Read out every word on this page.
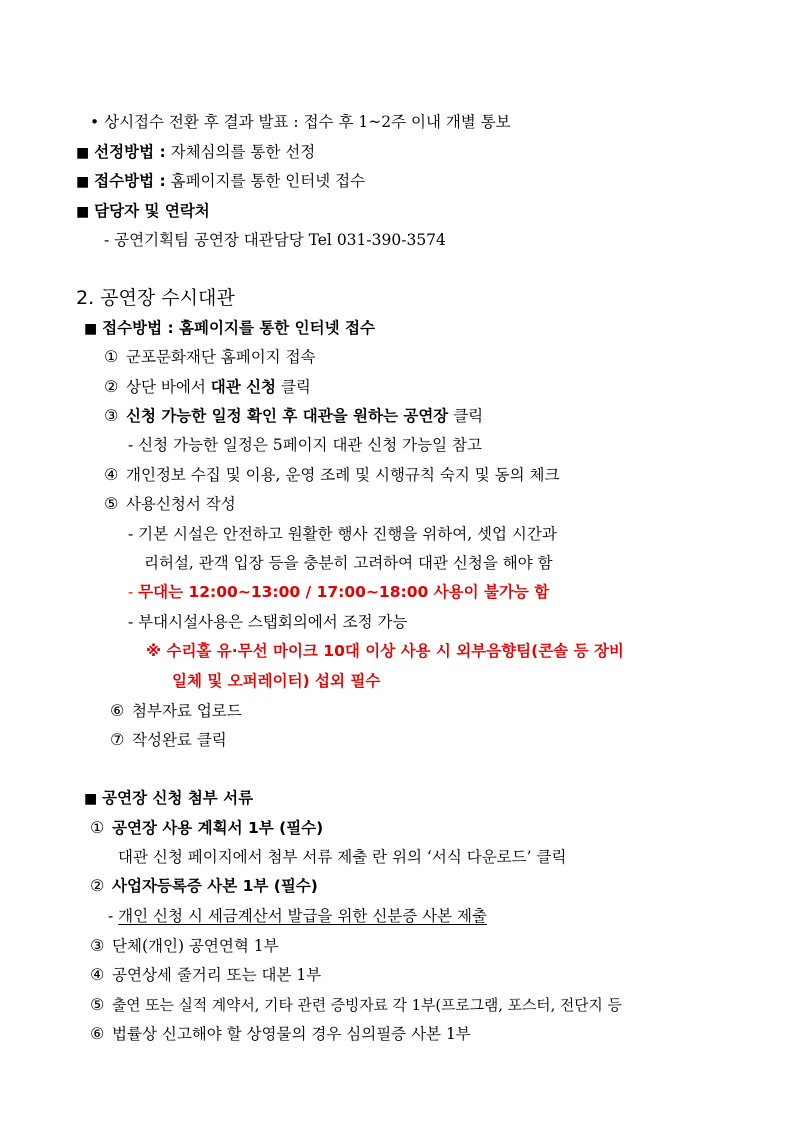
• 상시접수 전환 후 결과 발표 : 접수 후 1~2주 이내 개별 통보
■ 선정방법 : 자체심의를 통한 선정
■ 접수방법 : 홈페이지를 통한 인터넷 접수
■ 담당자 및 연락처
- 공연기획팀 공연장 대관담당 Tel 031-390-3574
2. 공연장 수시대관
■ 접수방법 : 홈페이지를 통한 인터넷 접수
① 군포문화재단 홈페이지 접속
② 상단 바에서 대관 신청 클릭
③ 신청 가능한 일정 확인 후 대관을 원하는 공연장 클릭
- 신청 가능한 일정은 5페이지 대관 신청 가능일 참고
④ 개인정보 수집 및 이용, 운영 조례 및 시행규칙 숙지 및 동의 체크
⑤ 사용신청서 작성
- 기본 시설은 안전하고 원활한 행사 진행을 위하여, 셋업 시간과
리허설, 관객 입장 등을 충분히 고려하여 대관 신청을 해야 함
- 무대는 12:00~13:00 / 17:00~18:00 사용이 불가능 함
- 부대시설사용은 스탭회의에서 조정 가능
※ 수리홀 유·무선 마이크 10대 이상 사용 시 외부음향팀(콘솔 등 장비
일체 및 오퍼레이터) 섭외 필수
⑥ 첨부자료 업로드
⑦ 작성완료 클릭
■ 공연장 신청 첨부 서류
① 공연장 사용 계획서 1부 (필수)
대관 신청 페이지에서 첨부 서류 제출 란 위의 ‘서식 다운로드’ 클릭
② 사업자등록증 사본 1부 (필수)
- 개인 신청 시 세금계산서 발급을 위한 신분증 사본 제출
③ 단체(개인) 공연연혁 1부
④ 공연상세 줄거리 또는 대본 1부
⑤ 출연 또는 실적 계약서, 기타 관련 증빙자료 각 1부(프로그램, 포스터, 전단지 등
⑥ 법률상 신고해야 할 상영물의 경우 심의필증 사본 1부
